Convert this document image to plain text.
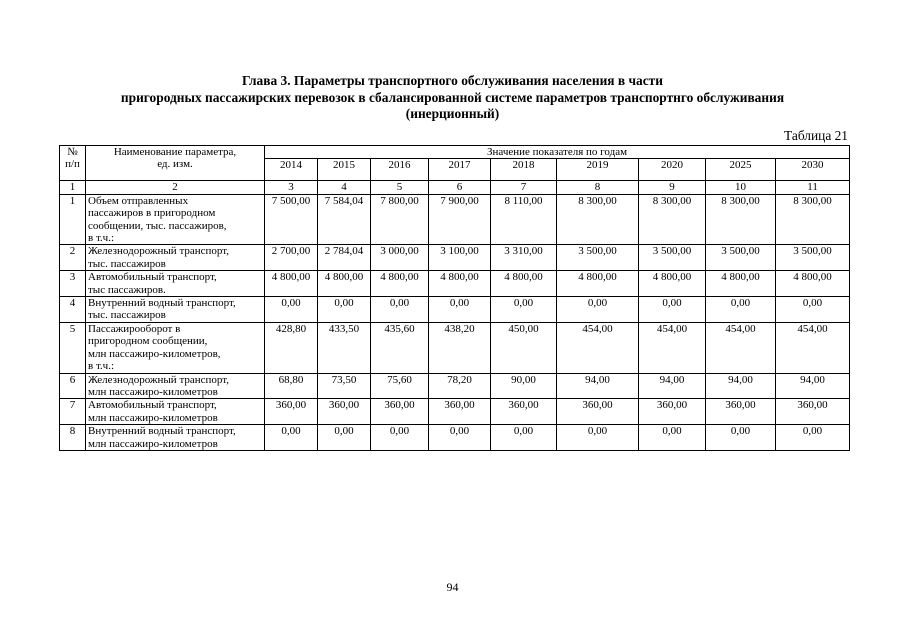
Глава 3. Параметры транспортного обслуживания населения в части
пригородных пассажирских перевозок в сбалансированной системе параметров транспортнго обслуживания
(инерционный)
Таблица 21
№
п/п	Наименование параметра,
ед. изм.	Значение показателя по годам								
		2014	2015	2016	2017	2018	2019	2020	2025	2030
1	2	3	4	5	6	7	8	9	10	11
1	Объем отправленных
пассажиров в пригородном
сообщении, тыс. пассажиров,
в т.ч.:	7 500,00	7 584,04	7 800,00	7 900,00	8 110,00	8 300,00	8 300,00	8 300,00	8 300,00
2	Железнодорожный транспорт,
тыс. пассажиров	2 700,00	2 784,04	3 000,00	3 100,00	3 310,00	3 500,00	3 500,00	3 500,00	3 500,00
3	Автомобильный транспорт,
тыс пассажиров.	4 800,00	4 800,00	4 800,00	4 800,00	4 800,00	4 800,00	4 800,00	4 800,00	4 800,00
4	Внутренний водный транспорт,
тыс. пассажиров	0,00	0,00	0,00	0,00	0,00	0,00	0,00	0,00	0,00
5	Пассажирооборот в
пригородном сообщении,
млн пассажиро-километров,
в т.ч.:	428,80	433,50	435,60	438,20	450,00	454,00	454,00	454,00	454,00
6	Железнодорожный транспорт,
млн пассажиро-километров	68,80	73,50	75,60	78,20	90,00	94,00	94,00	94,00	94,00
7	Автомобильный транспорт,
млн пассажиро-километров	360,00	360,00	360,00	360,00	360,00	360,00	360,00	360,00	360,00
8	Внутренний водный транспорт,
млн пассажиро-километров	0,00	0,00	0,00	0,00	0,00	0,00	0,00	0,00	0,00
94
